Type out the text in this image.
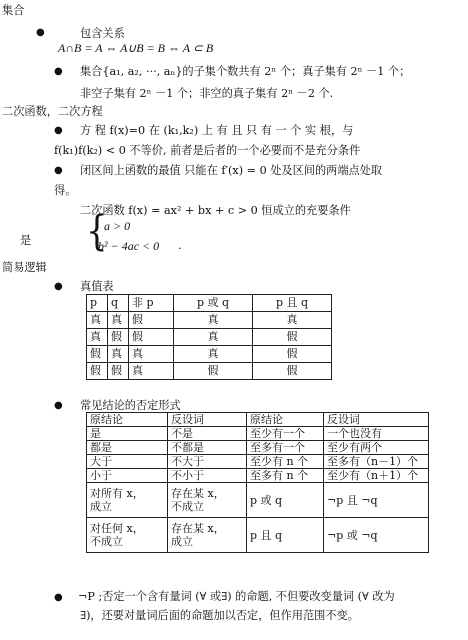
集合
●	包含关系
A∩B = A ⇔ A∪B = B ⇔ A ⊂ B
● 集合{a₁, a₂, ···, aₙ}的子集个数共有 2ⁿ 个；真子集有 2ⁿ －1 个；
非空子集有 2ⁿ －1 个；非空的真子集有 2ⁿ －2 个.
二次函数，二次方程
● 方 程 f(x)=0 在 (k₁,k₂) 上 有 且 只 有 一 个 实 根，与
f(k₁)f(k₂) < 0 不等价, 前者是后者的一个必要而不是充分条件
● 闭区间上函数的最值 只能在 f′(x) = 0 处及区间的两端点处取
得。
二次函数 f(x) = ax² + bx + c > 0 恒成立的充要条件
是	{
a > 0
b² − 4ac < 0	.
简易逻辑
● 真值表
p	q	非 p	p 或 q	p 且 q
真	真	假	真	真
真	假	假	真	假
假	真	真	真	假
假	假	真	假	假
● 常见结论的否定形式
原结论	反设词	原结论	反设词
是	不是	至少有一个	一个也没有
都是	不都是	至多有一个	至少有两个
大于	不大于	至少有 n 个	至多有（n－1）个
小于	不小于	至多有 n 个	至少有（n＋1）个
对所有 x，
成立	存在某 x，
不成立	p 或 q	¬p 且 ¬q
对任何 x，
不成立	存在某 x，
成立	p 且 q	¬p 或 ¬q
● ¬P ;否定一个含有量词 (∀ 或∃) 的命题, 不但要改变量词 (∀ 改为
∃)，还要对量词后面的命题加以否定，但作用范围不变。
